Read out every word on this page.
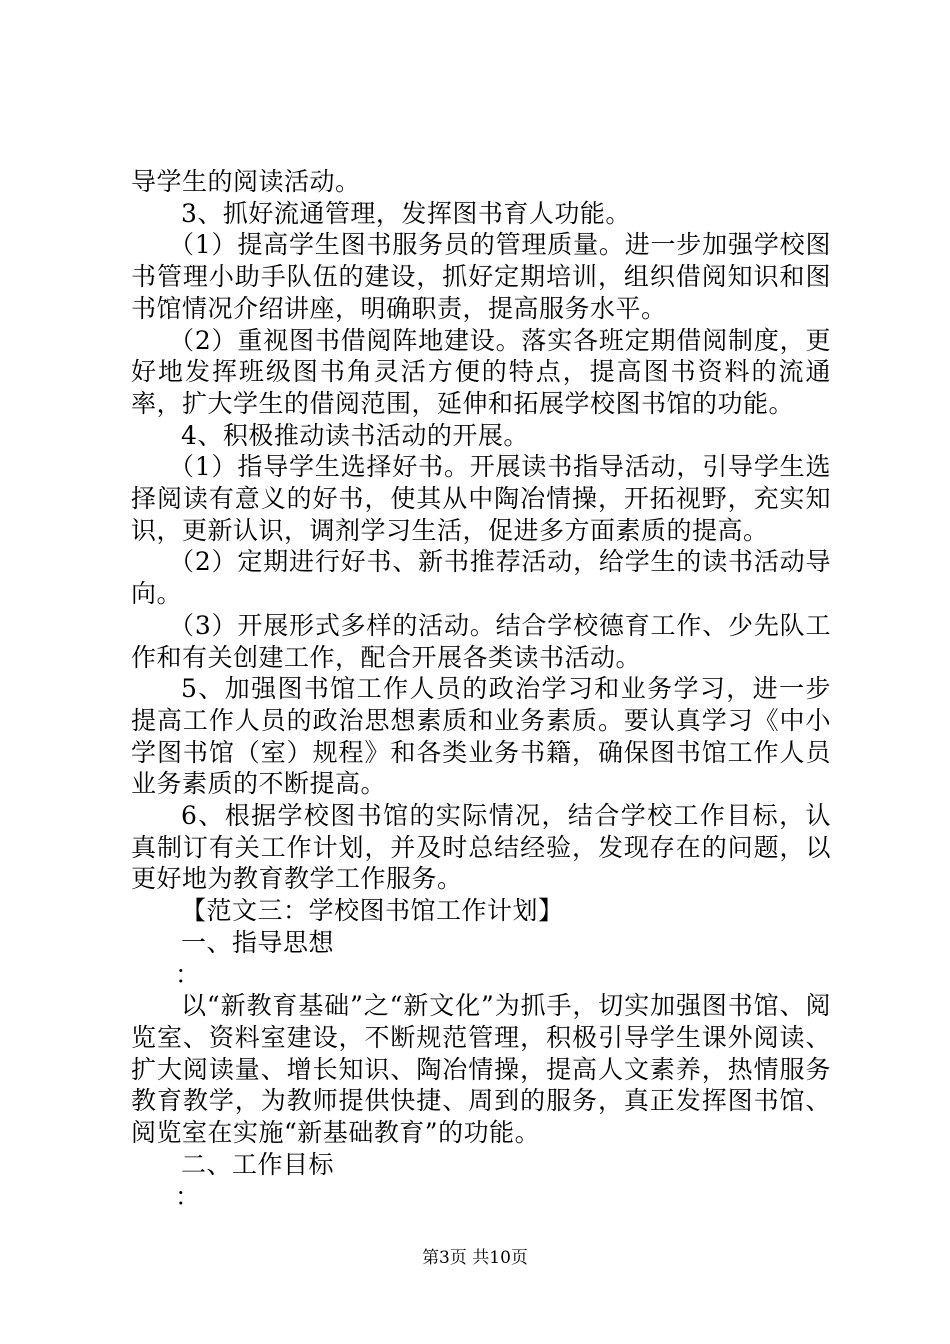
导学生的阅读活动。

3、抓好流通管理，发挥图书育人功能。

（1）提高学生图书服务员的管理质量。进一步加强学校图书管理小助手队伍的建设，抓好定期培训，组织借阅知识和图书馆情况介绍讲座，明确职责，提高服务水平。

（2）重视图书借阅阵地建设。落实各班定期借阅制度，更好地发挥班级图书角灵活方便的特点，提高图书资料的流通率，扩大学生的借阅范围，延伸和拓展学校图书馆的功能。

4、积极推动读书活动的开展。

（1）指导学生选择好书。开展读书指导活动，引导学生选择阅读有意义的好书，使其从中陶冶情操，开拓视野，充实知识，更新认识，调剂学习生活，促进多方面素质的提高。

（2）定期进行好书、新书推荐活动，给学生的读书活动导向。

（3）开展形式多样的活动。结合学校德育工作、少先队工作和有关创建工作，配合开展各类读书活动。

5、加强图书馆工作人员的政治学习和业务学习，进一步提高工作人员的政治思想素质和业务素质。要认真学习《中小学图书馆（室）规程》和各类业务书籍，确保图书馆工作人员业务素质的不断提高。

6、根据学校图书馆的实际情况，结合学校工作目标，认真制订有关工作计划，并及时总结经验，发现存在的问题，以更好地为教育教学工作服务。

【范文三：学校图书馆工作计划】

一、指导思想

：

以“新教育基础”之“新文化”为抓手，切实加强图书馆、阅览室、资料室建设，不断规范管理，积极引导学生课外阅读、扩大阅读量、增长知识、陶冶情操，提高人文素养，热情服务教育教学，为教师提供快捷、周到的服务，真正发挥图书馆、阅览室在实施“新基础教育”的功能。

二、工作目标

：

第3页 共10页
